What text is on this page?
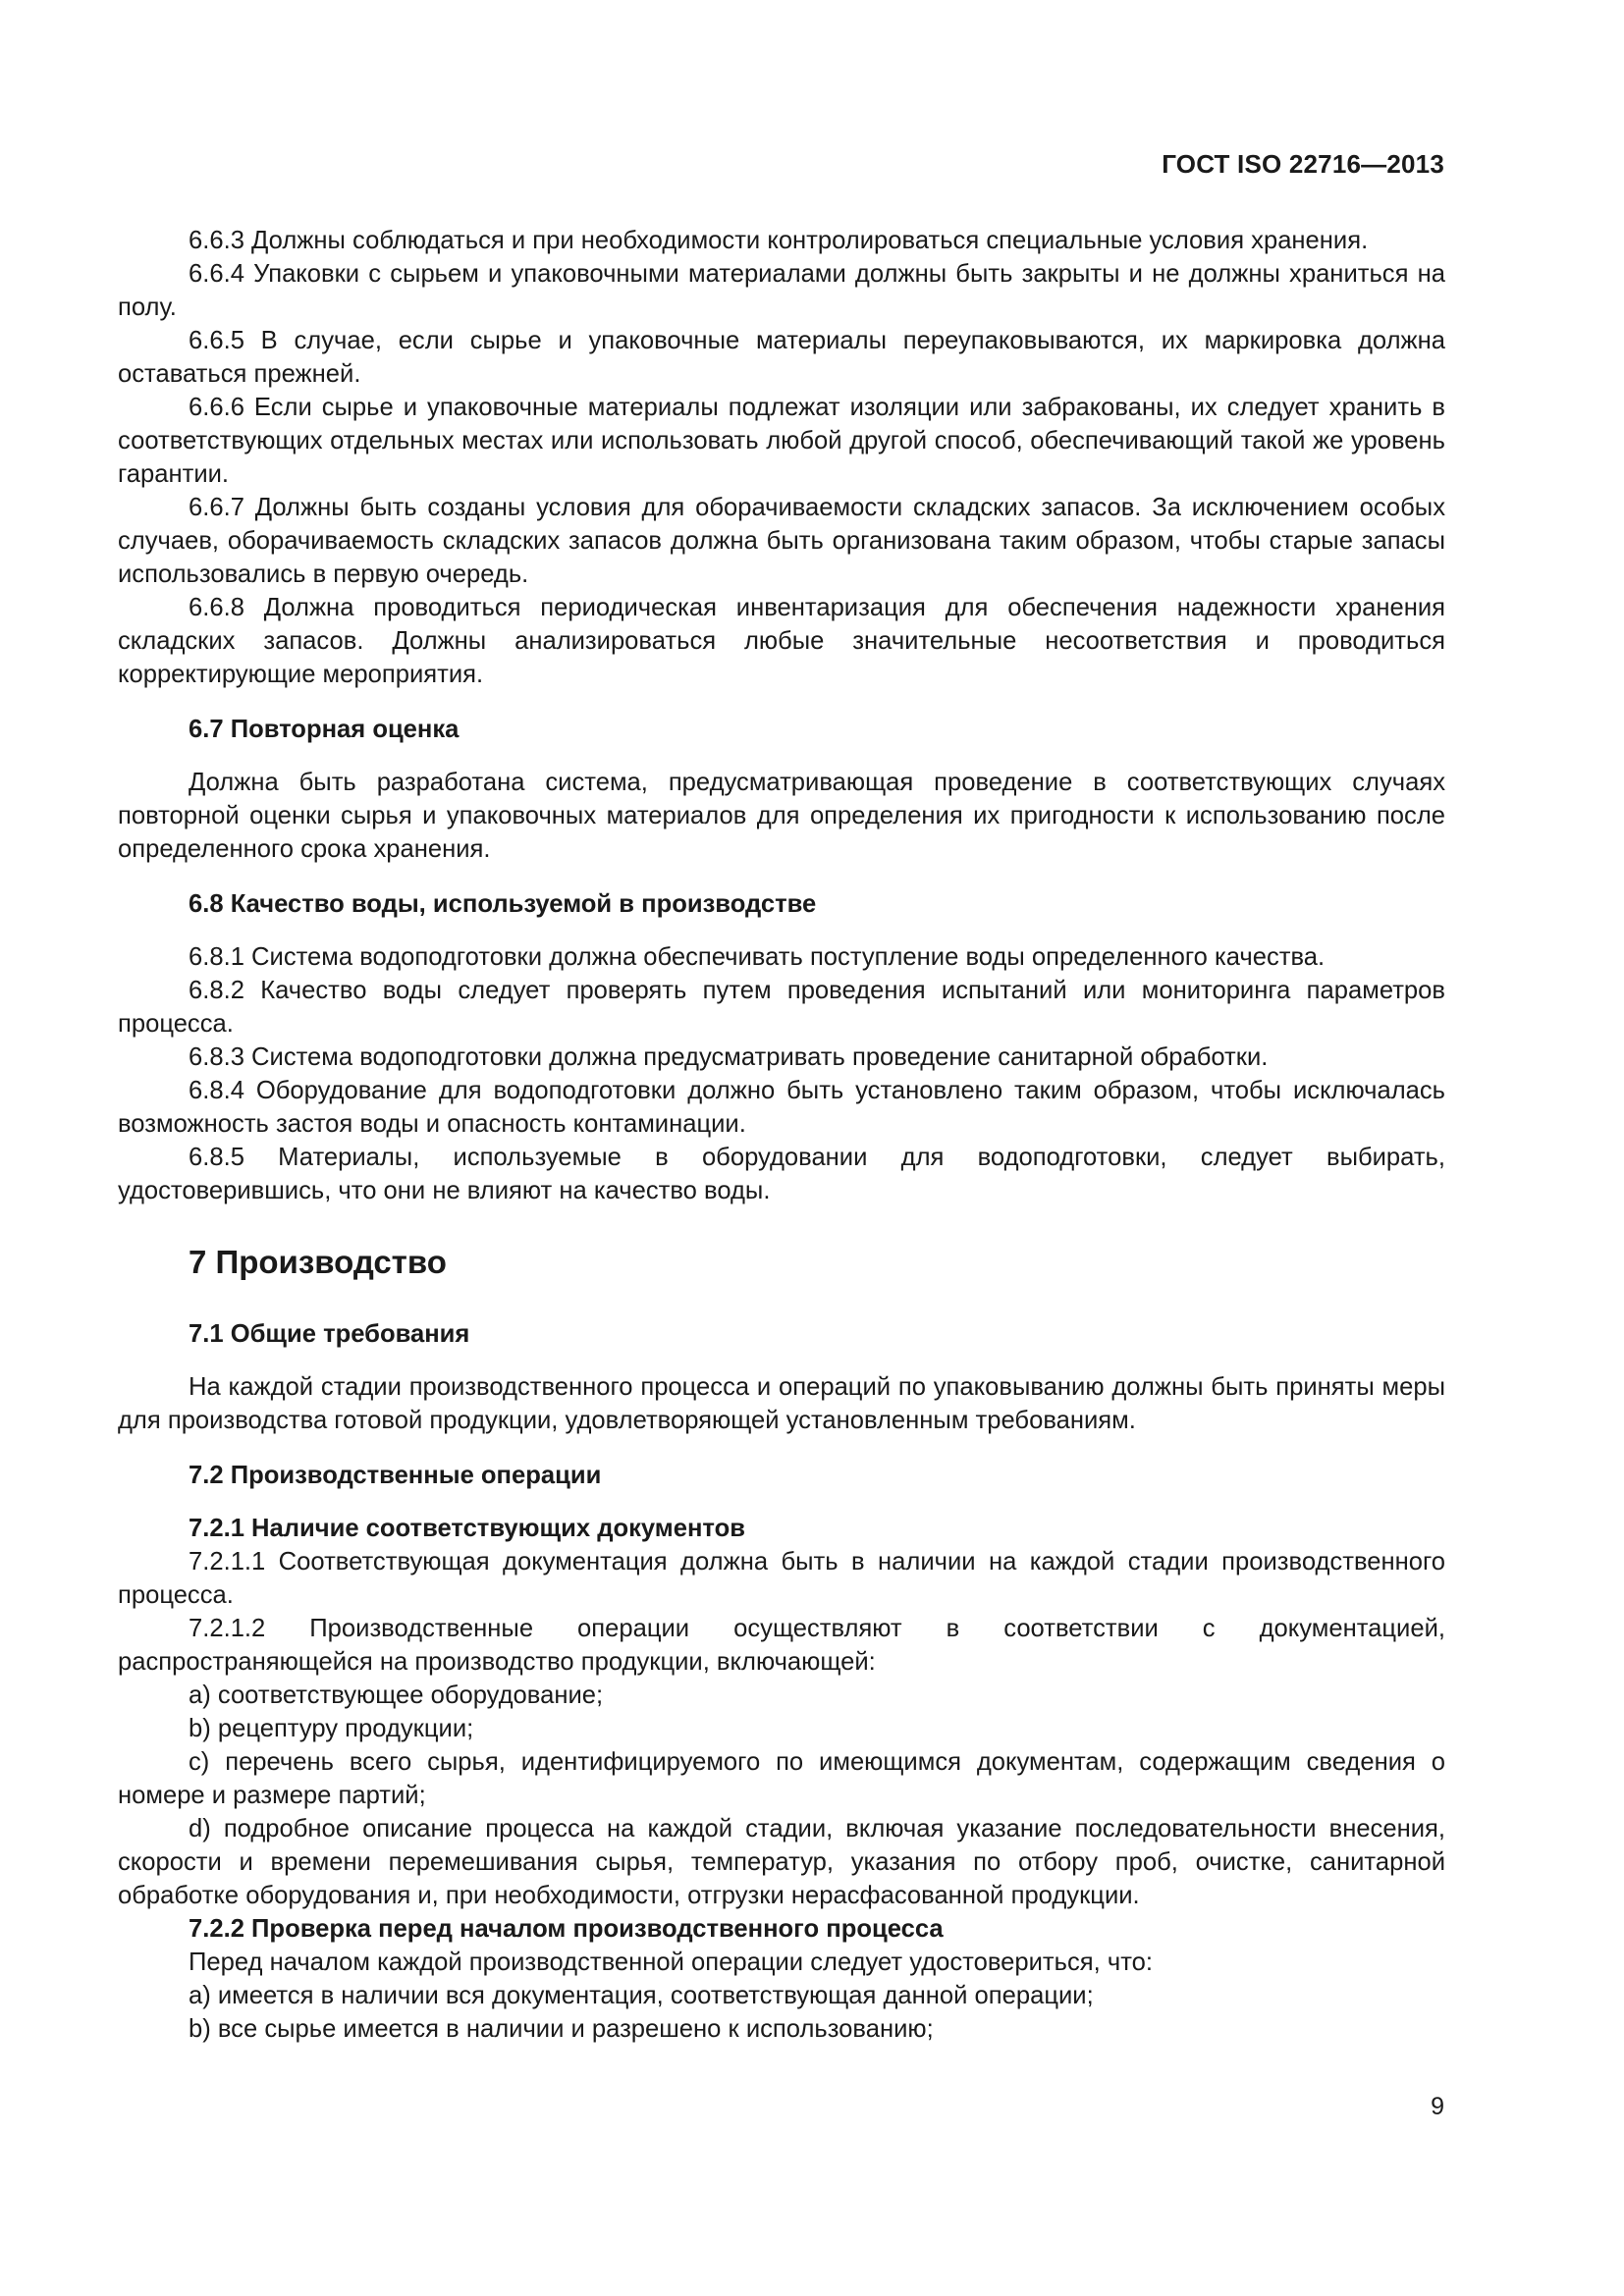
ГОСТ ISO 22716—2013

6.6.3 Должны соблюдаться и при необходимости контролироваться специальные условия хранения.

6.6.4 Упаковки с сырьем и упаковочными материалами должны быть закрыты и не должны храниться на полу.

6.6.5 В случае, если сырье и упаковочные материалы переупаковываются, их маркировка должна оставаться прежней.

6.6.6 Если сырье и упаковочные материалы подлежат изоляции или забракованы, их следует хранить в соответствующих отдельных местах или использовать любой другой способ, обеспечивающий такой же уровень гарантии.

6.6.7 Должны быть созданы условия для оборачиваемости складских запасов. За исключением особых случаев, оборачиваемость складских запасов должна быть организована таким образом, чтобы старые запасы использовались в первую очередь.

6.6.8 Должна проводиться периодическая инвентаризация для обеспечения надежности хранения складских запасов. Должны анализироваться любые значительные несоответствия и проводиться корректирующие мероприятия.

6.7 Повторная оценка

Должна быть разработана система, предусматривающая проведение в соответствующих случаях повторной оценки сырья и упаковочных материалов для определения их пригодности к использованию после определенного срока хранения.

6.8 Качество воды, используемой в производстве

6.8.1 Система водоподготовки должна обеспечивать поступление воды определенного качества.

6.8.2 Качество воды следует проверять путем проведения испытаний или мониторинга параметров процесса.

6.8.3 Система водоподготовки должна предусматривать проведение санитарной обработки.

6.8.4 Оборудование для водоподготовки должно быть установлено таким образом, чтобы исключалась возможность застоя воды и опасность контаминации.

6.8.5 Материалы, используемые в оборудовании для водоподготовки, следует выбирать, удостоверившись, что они не влияют на качество воды.

7 Производство
7.1 Общие требования

На каждой стадии производственного процесса и операций по упаковыванию должны быть приняты меры для производства готовой продукции, удовлетворяющей установленным требованиям.

7.2 Производственные операции
7.2.1 Наличие соответствующих документов

7.2.1.1 Соответствующая документация должна быть в наличии на каждой стадии производственного процесса.

7.2.1.2 Производственные операции осуществляют в соответствии с документацией, распространяющейся на производство продукции, включающей:

a) соответствующее оборудование;

b) рецептуру продукции;

c) перечень всего сырья, идентифицируемого по имеющимся документам, содержащим сведения о номере и размере партий;

d) подробное описание процесса на каждой стадии, включая указание последовательности внесения, скорости и времени перемешивания сырья, температур, указания по отбору проб, очистке, санитарной обработке оборудования и, при необходимости, отгрузки нерасфасованной продукции.

7.2.2 Проверка перед началом производственного процесса

Перед началом каждой производственной операции следует удостовериться, что:

a) имеется в наличии вся документация, соответствующая данной операции;

b) все сырье имеется в наличии и разрешено к использованию;

9
